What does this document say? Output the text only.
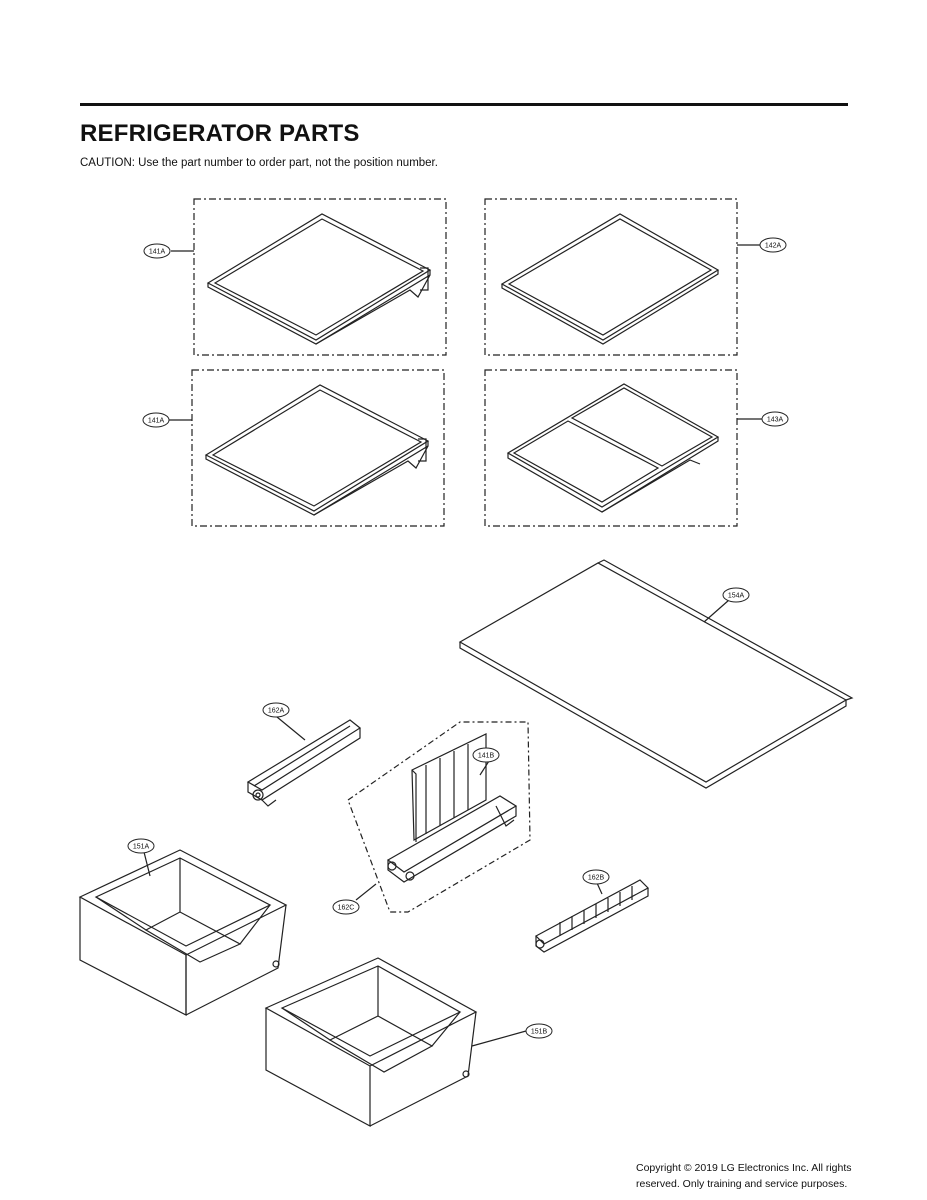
REFRIGERATOR PARTS
CAUTION: Use the part number to order part, not the position number.
141A
142A
141A	143A
154A
162A
141B
162C
151A
162B
151B
Copyright © 2019 LG Electronics Inc. All rights
reserved. Only training and service purposes.
